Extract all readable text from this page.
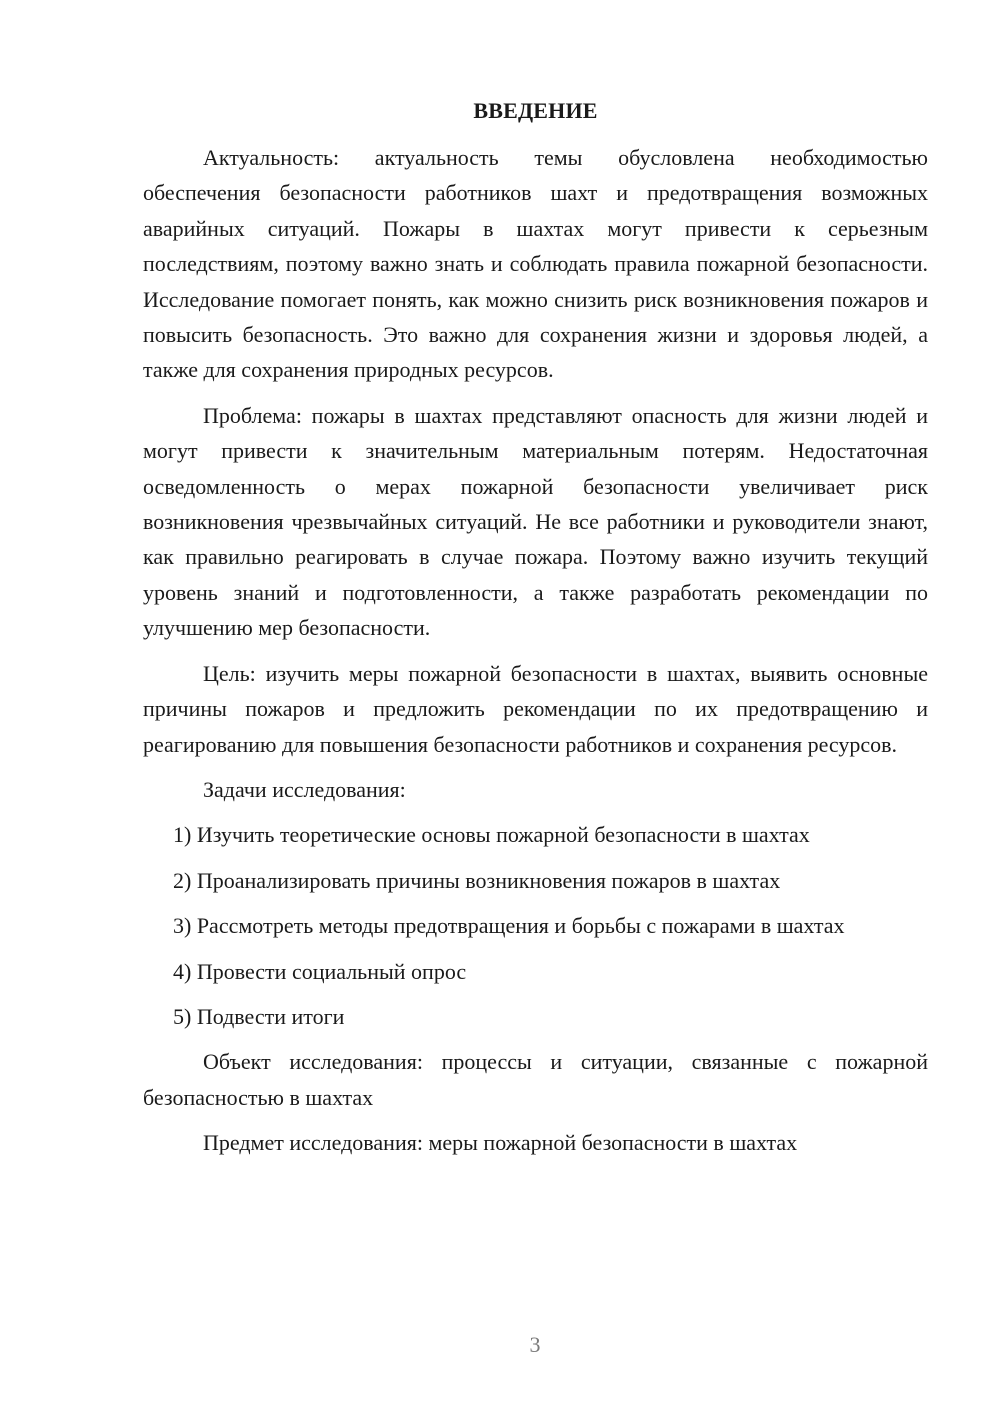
ВВЕДЕНИЕ

Актуальность: актуальность темы обусловлена необходимостью обеспечения безопасности работников шахт и предотвращения возможных аварийных ситуаций. Пожары в шахтах могут привести к серьезным последствиям, поэтому важно знать и соблюдать правила пожарной безопасности. Исследование помогает понять, как можно снизить риск возникновения пожаров и повысить безопасность. Это важно для сохранения жизни и здоровья людей, а также для сохранения природных ресурсов.

Проблема: пожары в шахтах представляют опасность для жизни людей и могут привести к значительным материальным потерям. Недостаточная осведомленность о мерах пожарной безопасности увеличивает риск возникновения чрезвычайных ситуаций. Не все работники и руководители знают, как правильно реагировать в случае пожара. Поэтому важно изучить текущий уровень знаний и подготовленности, а также разработать рекомендации по улучшению мер безопасности.

Цель: изучить меры пожарной безопасности в шахтах, выявить основные причины пожаров и предложить рекомендации по их предотвращению и реагированию для повышения безопасности работников и сохранения ресурсов.

Задачи исследования:

1) Изучить теоретические основы пожарной безопасности в шахтах

2) Проанализировать причины возникновения пожаров в шахтах

3) Рассмотреть методы предотвращения и борьбы с пожарами в шахтах

4) Провести социальный опрос

5) Подвести итоги

Объект исследования: процессы и ситуации, связанные с пожарной безопасностью в шахтах

Предмет исследования: меры пожарной безопасности в шахтах

3
